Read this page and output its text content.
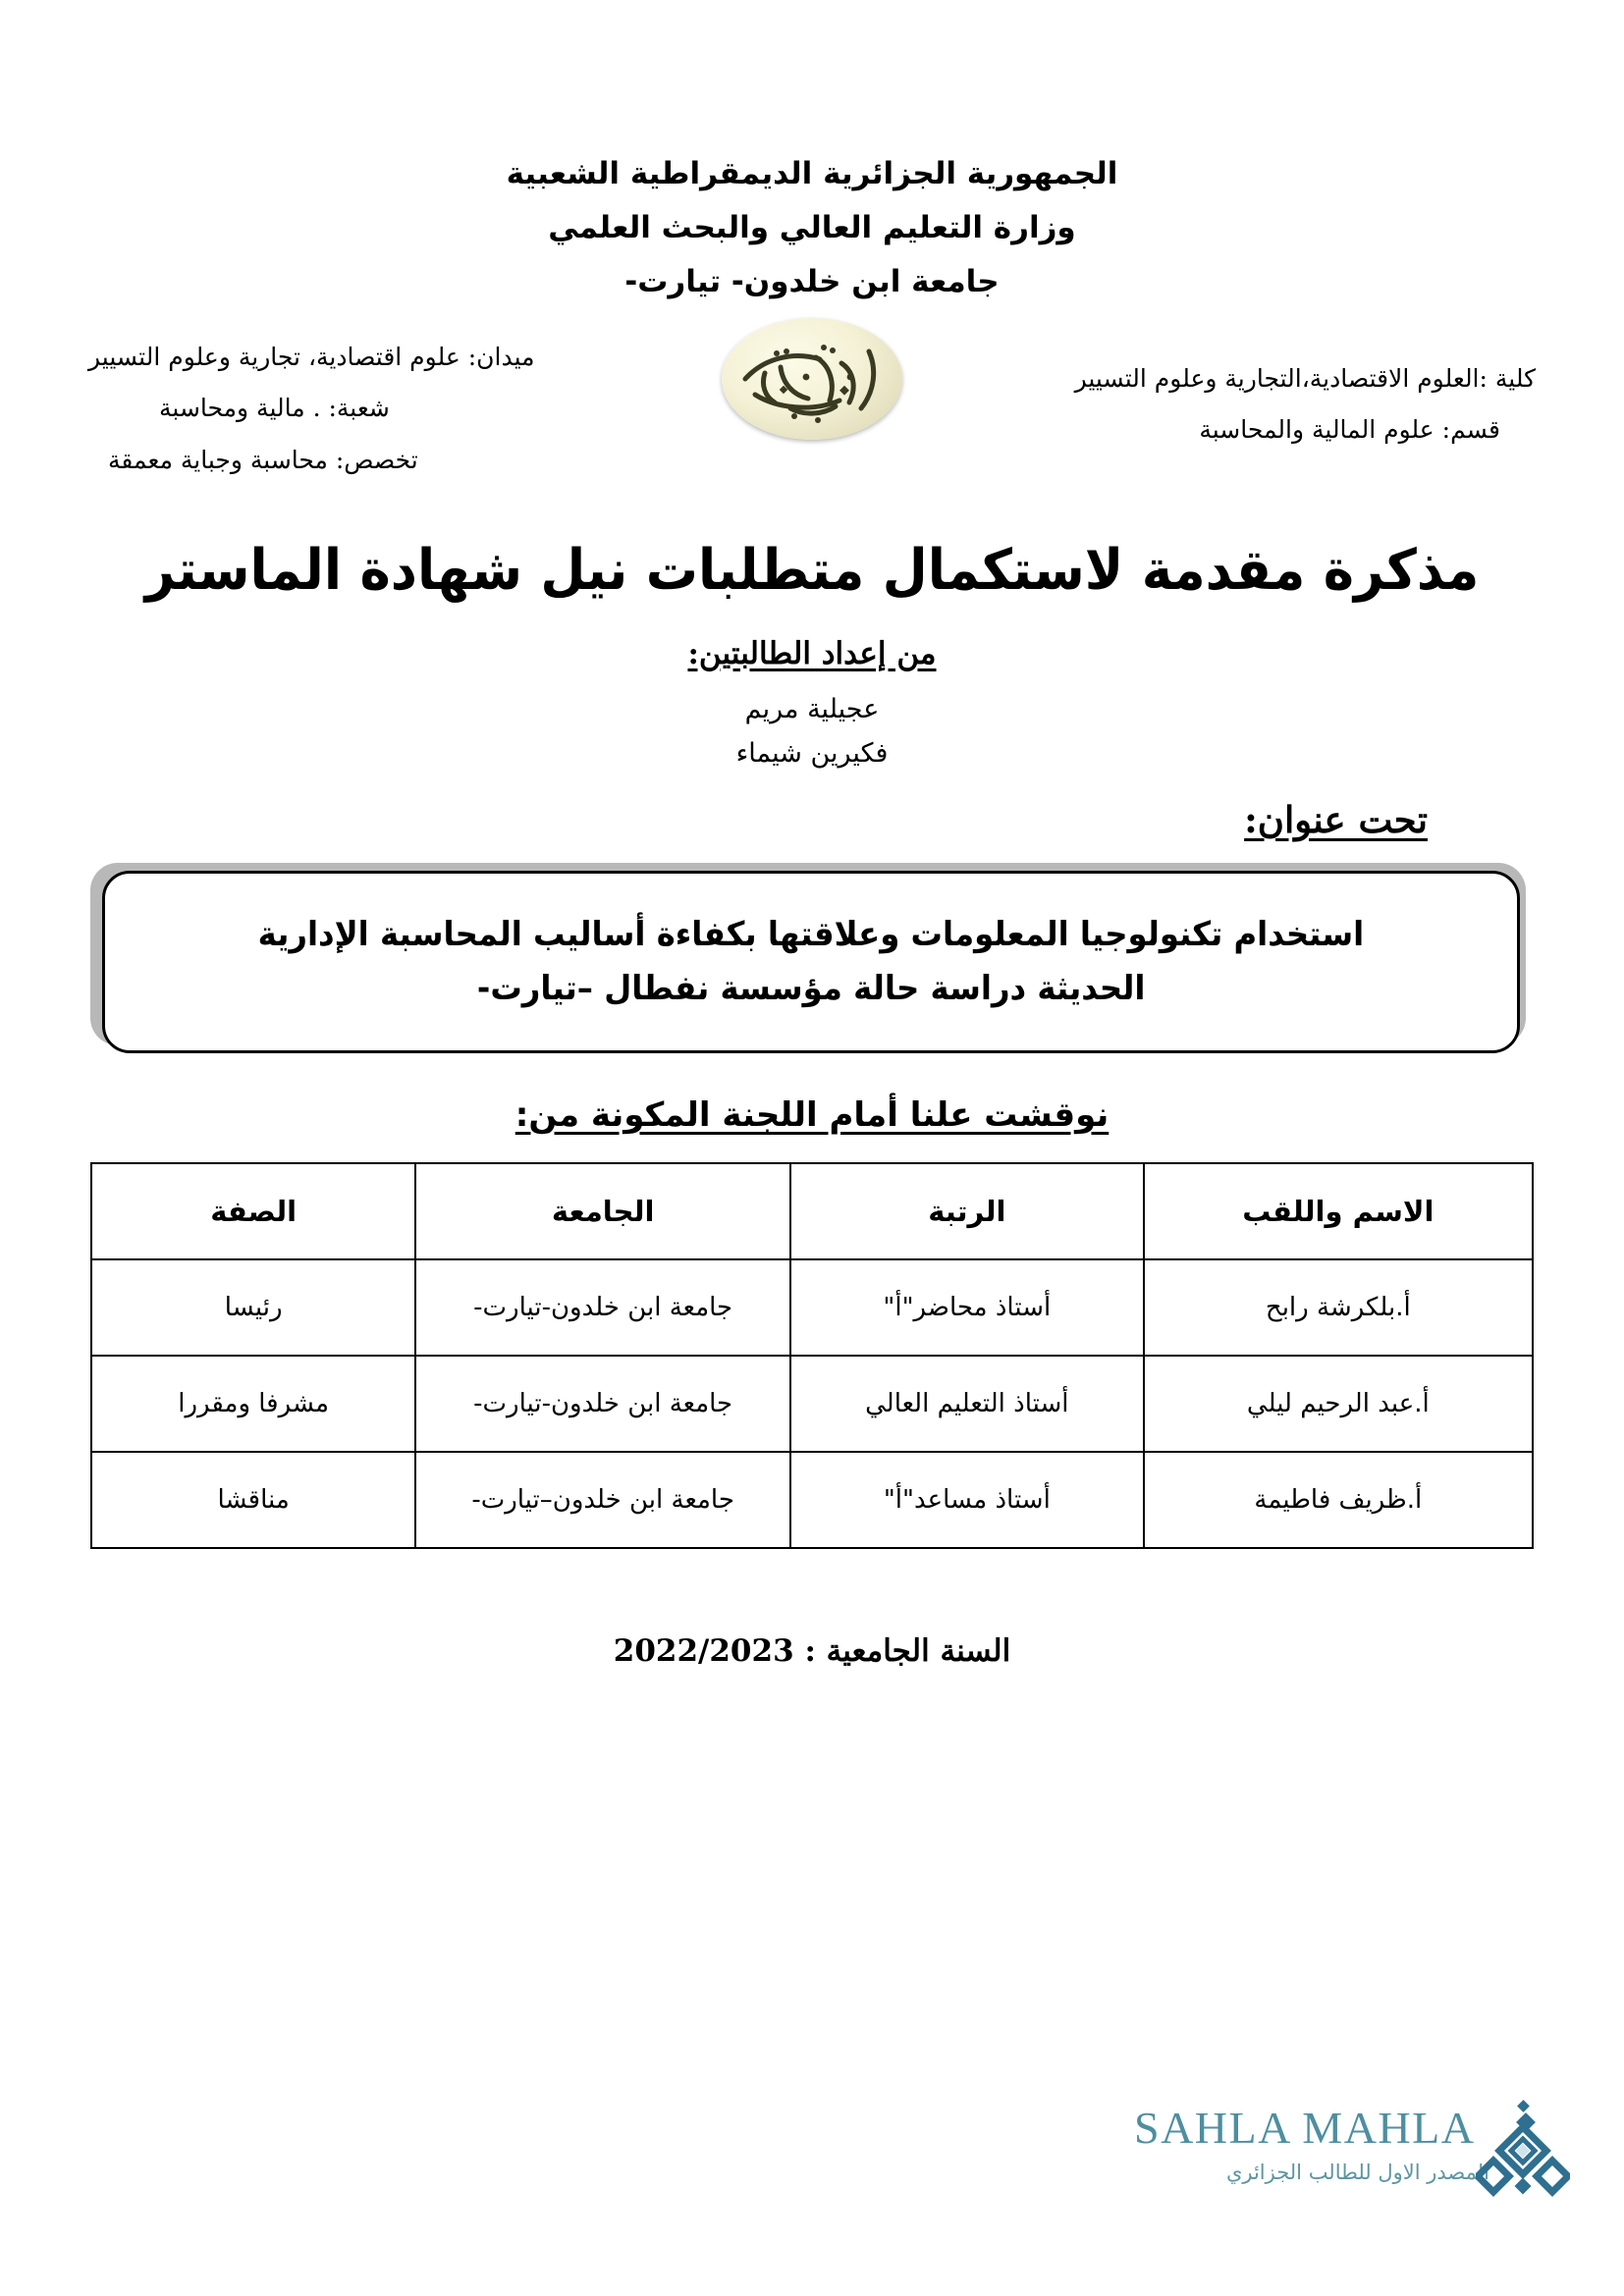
الجمهورية الجزائرية الديمقراطية الشعبية
وزارة التعليم العالي والبحث العلمي
جامعة ابن خلدون- تيارت-
كلية :العلوم الاقتصادية،التجارية وعلوم التسيير
قسم: علوم المالية والمحاسبة
ميدان: علوم اقتصادية، تجارية وعلوم التسيير
شعبة: . مالية ومحاسبة
تخصص: محاسبة وجباية معمقة
مذكرة مقدمة لاستكمال متطلبات نيل شهادة الماستر
من إعداد الطالبتين:
عجيلية مريم
فكيرين شيماء
تحت عنوان:
استخدام تكنولوجيا المعلومات وعلاقتها بكفاءة أساليب المحاسبة الإدارية
الحديثة دراسة حالة مؤسسة نفطال –تيارت-
نوقشت علنا أمام اللجنة المكونة من:
الاسم واللقب	الرتبة	الجامعة	الصفة
أ.بلكرشة رابح	أستاذ محاضر"أ"	جامعة ابن خلدون-تيارت-	رئيسا
أ.عبد الرحيم ليلي	أستاذ التعليم العالي	جامعة ابن خلدون-تيارت-	مشرفا ومقررا
أ.ظريف فاطيمة	أستاذ مساعد"أ"	جامعة ابن خلدون–تيارت-	مناقشا
السنة الجامعية : 2022/2023
SAHLA MAHLA
المصدر الاول للطالب الجزائري
